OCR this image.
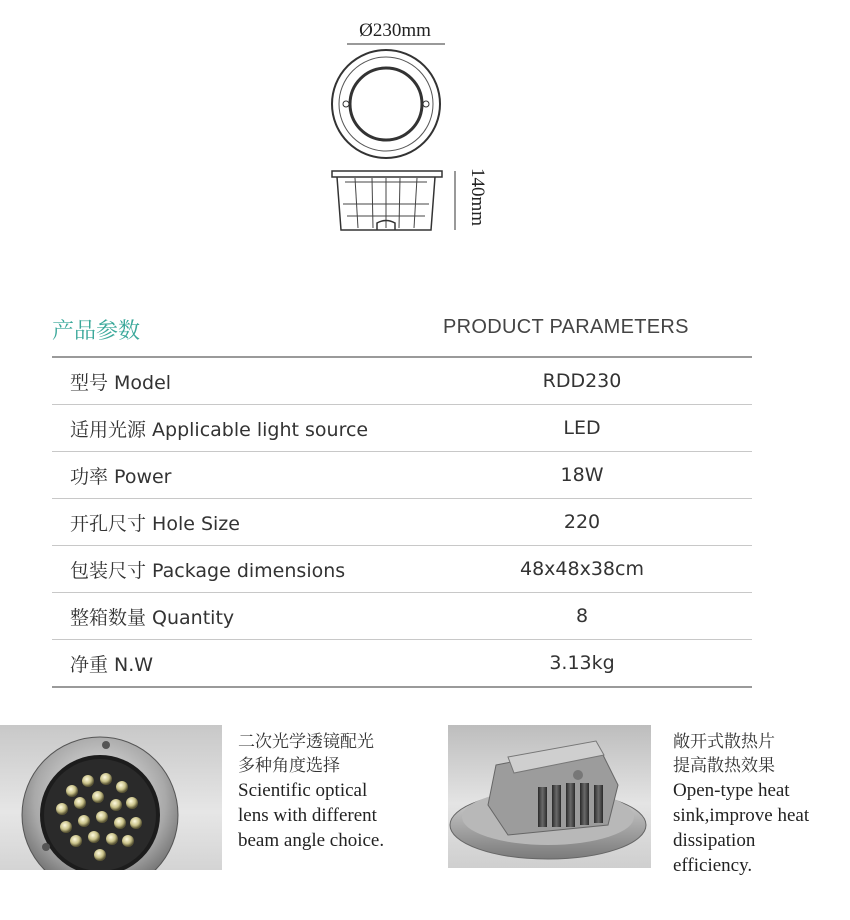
Ø230mm
140mm
产品参数	PRODUCT PARAMETERS
型号 Model	RDD230
适用光源 Applicable light source	LED
功率 Power	18W
开孔尺寸 Hole Size	220
包装尺寸 Package dimensions	48x48x38cm
整箱数量 Quantity	8
净重 N.W	3.13kg
二次光学透镜配光
多种角度选择
Scientific optical
lens with different
beam angle choice.
敞开式散热片
提高散热效果
Open-type heat
sink,improve heat
dissipation
efficiency.
